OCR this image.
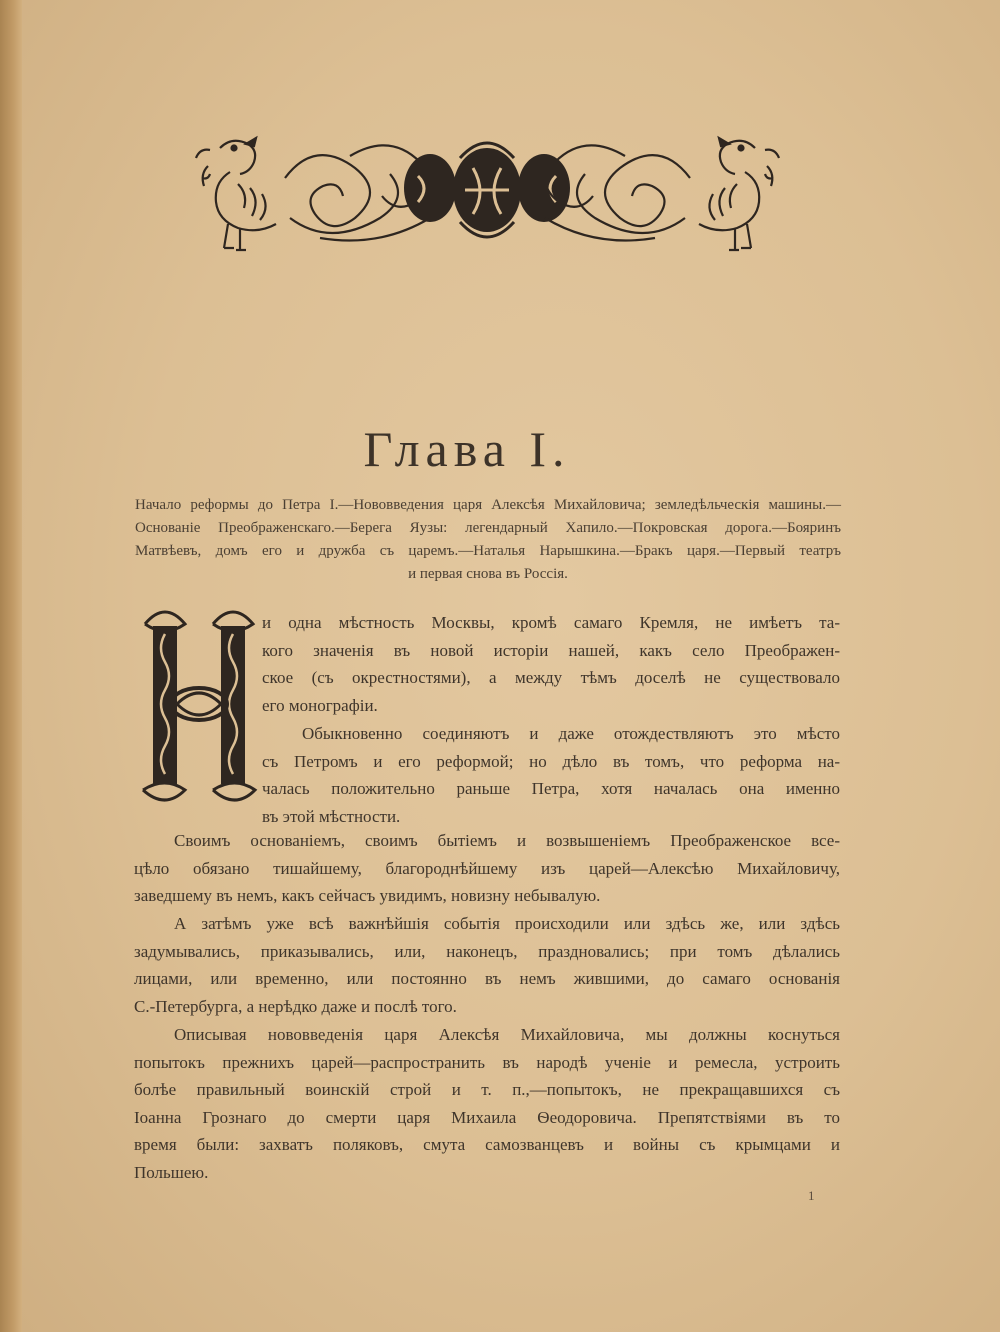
Глава I.
Начало реформы до Петра I.—Нововведения царя Алексѣя Михайловича; земледѣльческія машины.—
Основаніе Преображенскаго.—Берега Яузы: легендарный Хапило.—Покровская дорога.—Бояринъ
Матвѣевъ, домъ его и дружба съ царемъ.—Наталья Нарышкина.—Бракъ царя.—Первый театръ
и первая снова въ Россія.
и одна мѣстность Москвы, кромѣ самаго Кремля, не имѣетъ та-
кого значенія въ новой исторіи нашей, какъ село Преображен-
ское (съ окрестностями), а между тѣмъ доселѣ не существовало
его монографіи.
Обыкновенно соединяютъ и даже отождествляютъ это мѣсто
съ Петромъ и его реформой; но дѣло въ томъ, что реформа на-
чалась положительно раньше Петра, хотя началась она именно
въ этой мѣстности.
Своимъ основаніемъ, своимъ бытіемъ и возвышеніемъ Преображенское все-
цѣло обязано тишайшему, благороднѣйшему изъ царей—Алексѣю Михайловичу,
заведшему въ немъ, какъ сейчасъ увидимъ, новизну небывалую.
А затѣмъ уже всѣ важнѣйшія событія происходили или здѣсь же, или здѣсь
задумывались, приказывались, или, наконецъ, праздновались; при томъ дѣлались
лицами, или временно, или постоянно въ немъ жившими, до самаго основанія
С.-Петербурга, а нерѣдко даже и послѣ того.
Описывая нововведенія царя Алексѣя Михайловича, мы должны коснуться
попытокъ прежнихъ царей—распространить въ народѣ ученіе и ремесла, устроить
болѣе правильный воинскій строй и т. п.,—попытокъ, не прекращавшихся съ
Іоанна Грознаго до смерти царя Михаила Ѳеодоровича. Препятствіями въ то
время были: захватъ поляковъ, смута самозванцевъ и войны съ крымцами и
Польшею.
1
